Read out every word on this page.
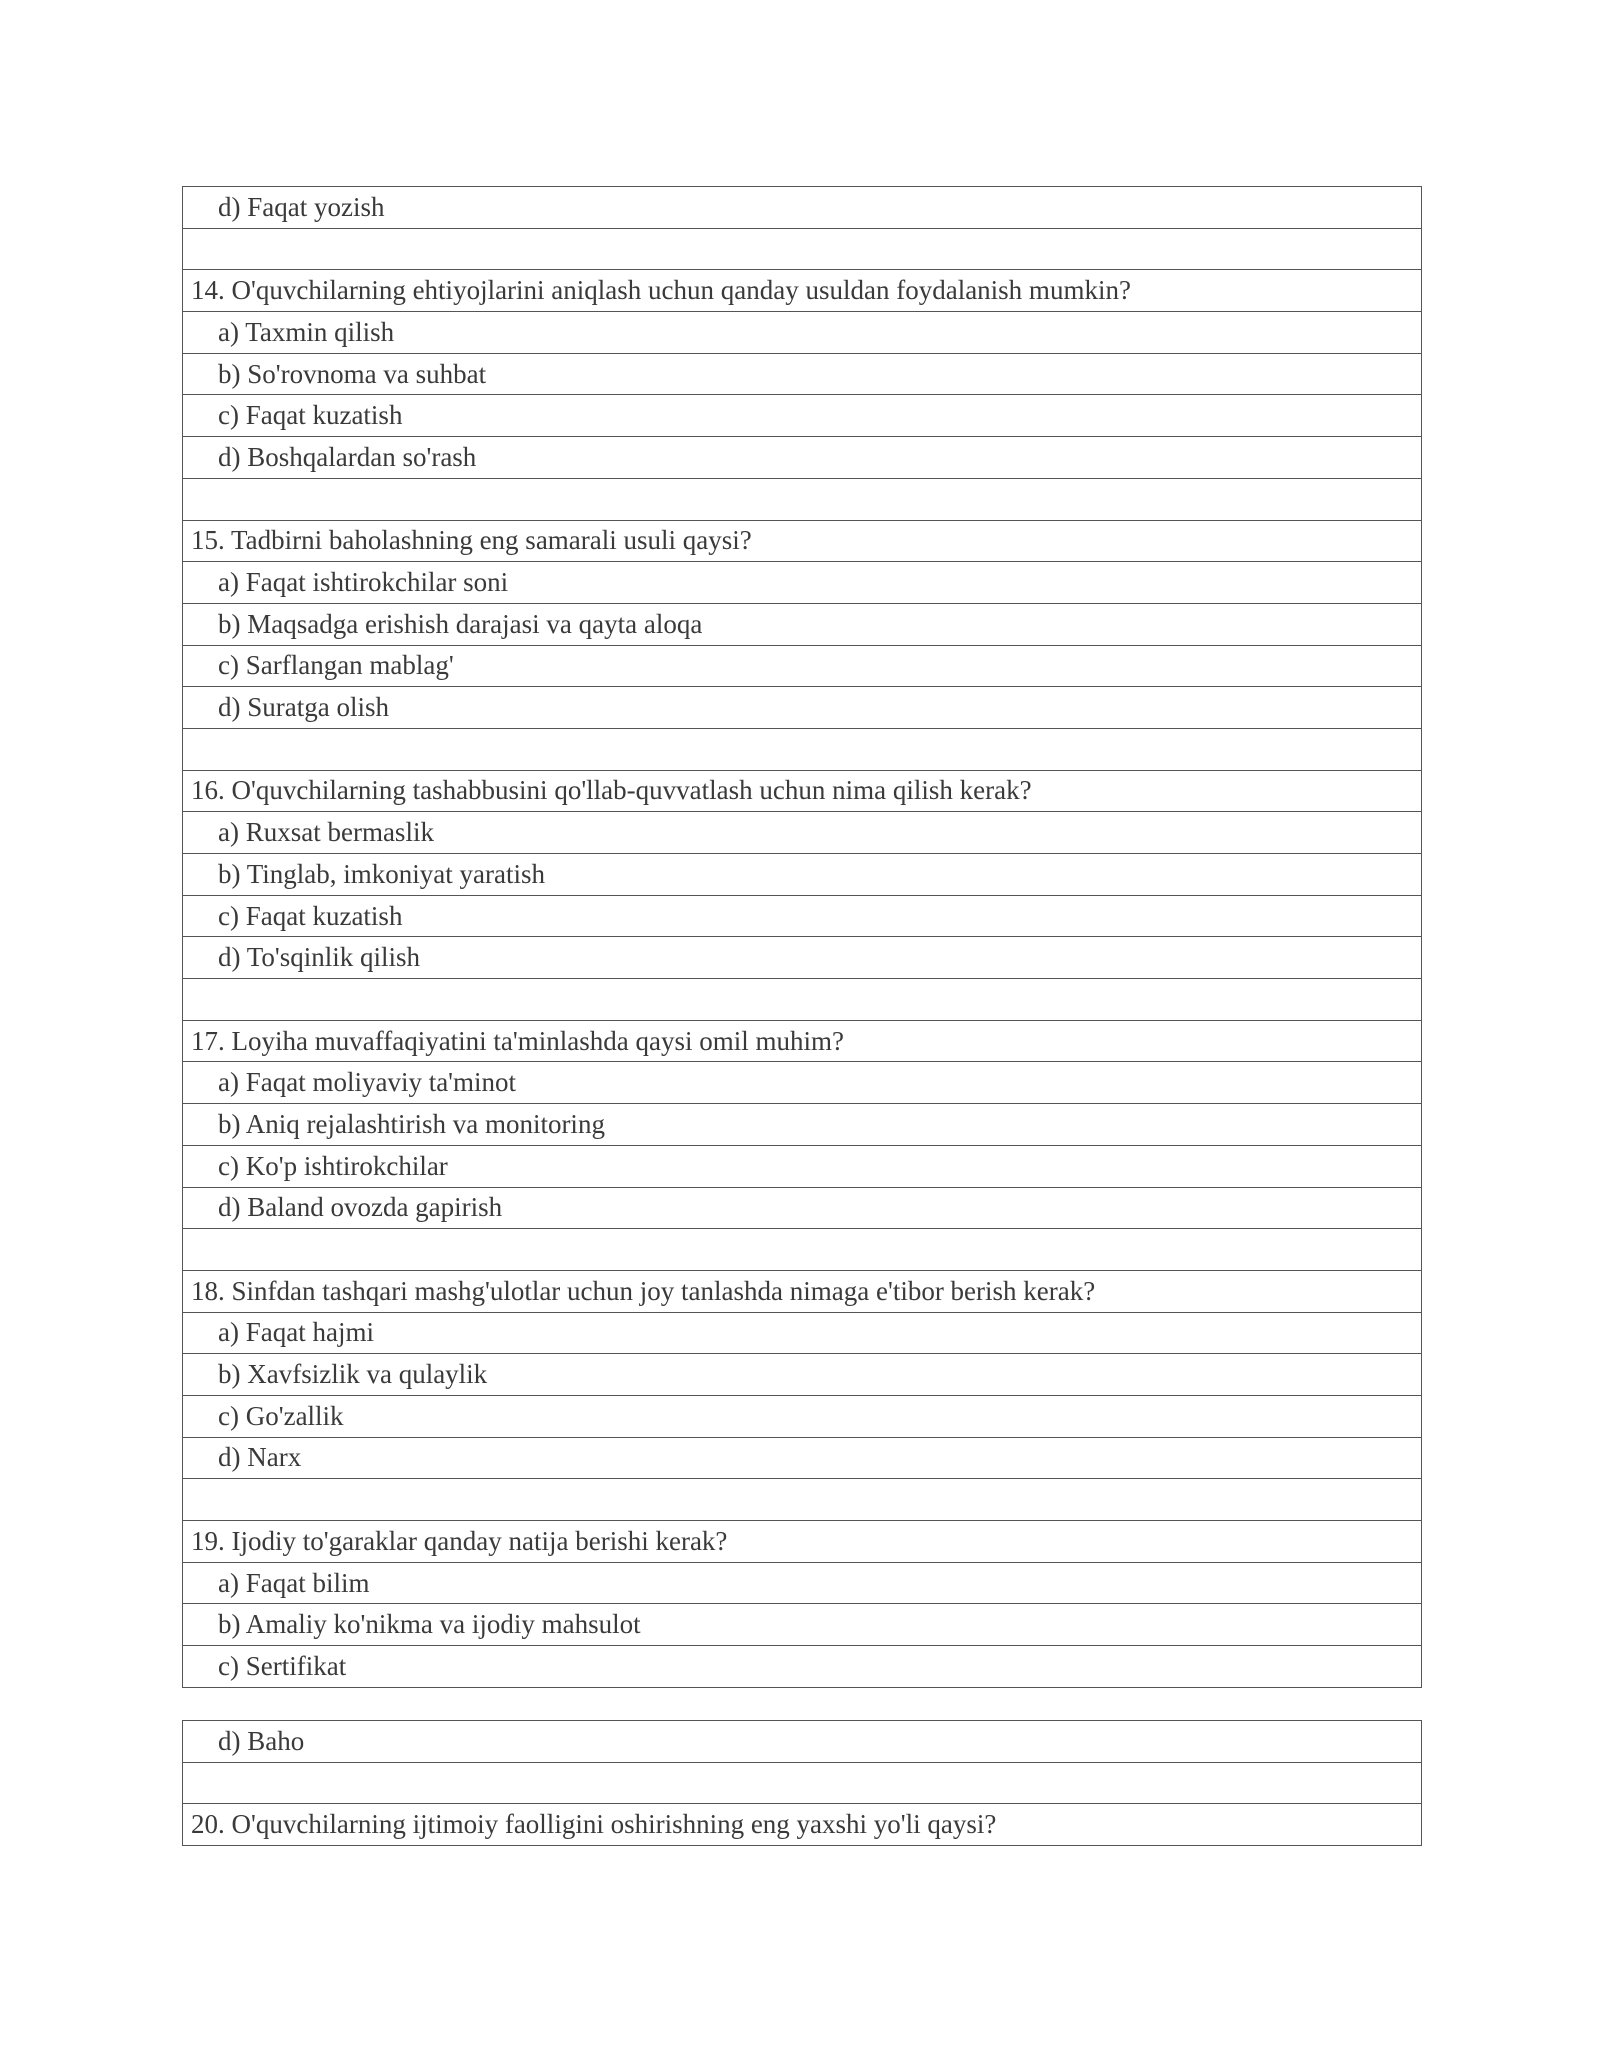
d) Faqat yozish
14. O'quvchilarning ehtiyojlarini aniqlash uchun qanday usuldan foydalanish mumkin?
a) Taxmin qilish
b) So'rovnoma va suhbat
c) Faqat kuzatish
d) Boshqalardan so'rash
15. Tadbirni baholashning eng samarali usuli qaysi?
a) Faqat ishtirokchilar soni
b) Maqsadga erishish darajasi va qayta aloqa
c) Sarflangan mablag'
d) Suratga olish
16. O'quvchilarning tashabbusini qo'llab-quvvatlash uchun nima qilish kerak?
a) Ruxsat bermaslik
b) Tinglab, imkoniyat yaratish
c) Faqat kuzatish
d) To'sqinlik qilish
17. Loyiha muvaffaqiyatini ta'minlashda qaysi omil muhim?
a) Faqat moliyaviy ta'minot
b) Aniq rejalashtirish va monitoring
c) Ko'p ishtirokchilar
d) Baland ovozda gapirish
18. Sinfdan tashqari mashg'ulotlar uchun joy tanlashda nimaga e'tibor berish kerak?
a) Faqat hajmi
b) Xavfsizlik va qulaylik
c) Go'zallik
d) Narx
19. Ijodiy to'garaklar qanday natija berishi kerak?
a) Faqat bilim
b) Amaliy ko'nikma va ijodiy mahsulot
c) Sertifikat
d) Baho
20. O'quvchilarning ijtimoiy faolligini oshirishning eng yaxshi yo'li qaysi?
